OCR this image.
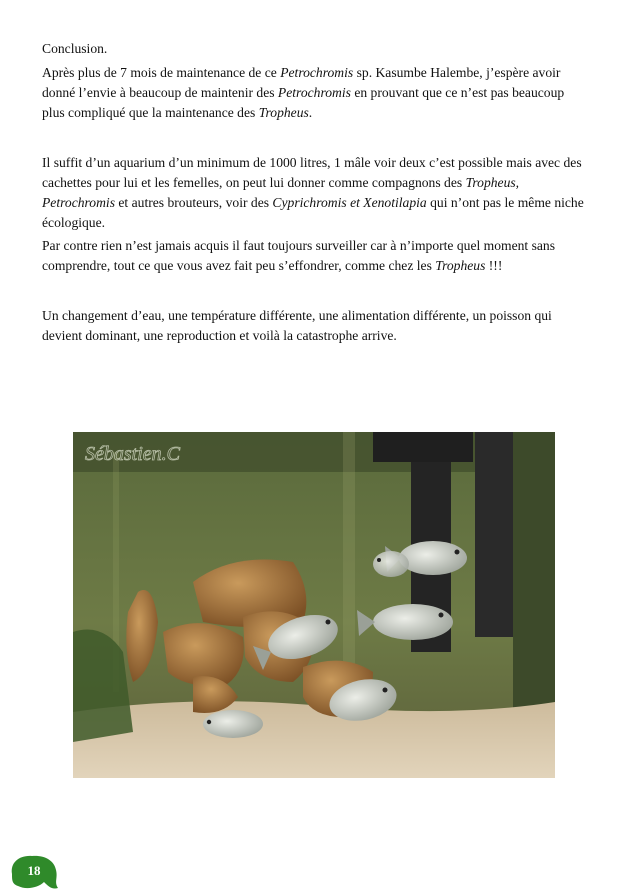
Conclusion.

Après plus de 7 mois de maintenance de ce Petrochromis sp. Kasumbe Halembe, j’espère avoir donné l’envie à beaucoup de maintenir des Petrochromis en prouvant que ce n’est pas beaucoup plus compliqué que la maintenance des Tropheus.

Il suffit d’un aquarium d’un minimum de 1000 litres, 1 mâle voir deux c’est possible mais avec des cachettes pour lui et les femelles, on peut lui donner comme compagnons des Tropheus, Petrochromis et autres brouteurs, voir des Cyprichromis et Xenotilapia qui n’ont pas le même niche écologique.

Par contre rien n’est jamais acquis il faut toujours surveiller car à n’importe quel moment sans comprendre, tout ce que vous avez fait peu s’effondrer, comme chez les Tropheus !!!

Un changement d’eau, une température différente, une alimentation différente, un poisson qui devient dominant, une reproduction et voilà la catastrophe arrive.

Sébastien.C
18
